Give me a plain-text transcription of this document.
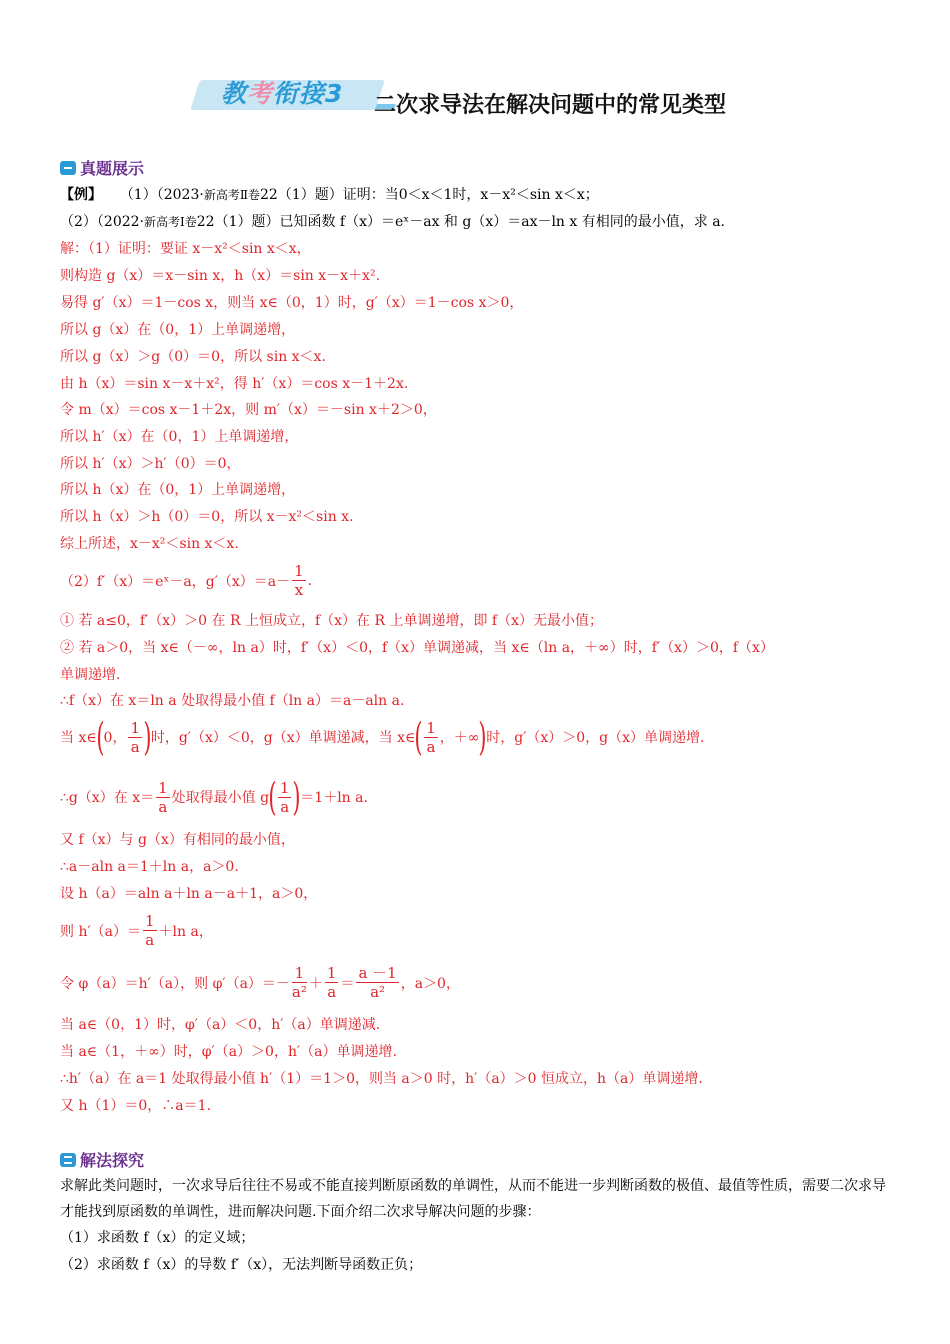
教考衔接3 二次求导法在解决问题中的常见类型
真题展示
【例】 （1）（2023·新高考Ⅱ卷22（1）题）证明：当0＜x＜1时，x－x²＜sin x＜x；
（2）（2022·新高考Ⅰ卷22（1）题）已知函数 f（x）＝eˣ－ax 和 g（x）＝ax－ln x 有相同的最小值，求 a.
解：（1）证明：要证 x－x²＜sin x＜x，
则构造 g（x）＝x－sin x，h（x）＝sin x－x＋x².
易得 g′（x）＝1－cos x，则当 x∈（0，1）时，g′（x）＝1－cos x＞0，
所以 g（x）在（0，1）上单调递增，
所以 g（x）＞g（0）＝0，所以 sin x＜x.
由 h（x）＝sin x－x＋x²，得 h′（x）＝cos x－1＋2x.
令 m（x）＝cos x－1＋2x，则 m′（x）＝－sin x＋2＞0，
所以 h′（x）在（0，1）上单调递增，
所以 h′（x）＞h′（0）＝0，
所以 h（x）在（0，1）上单调递增，
所以 h（x）＞h（0）＝0，所以 x－x²＜sin x.
综上所述，x－x²＜sin x＜x.
（2）f′（x）＝eˣ－a，$g'(x)=a- \frac{1}{x}$ .
① 若 a≤0，f′（x）＞0 在 R 上恒成立，f（x）在 R 上单调递增，即 f（x）无最小值；
② 若 a＞0，当 x∈（－∞，ln a）时，f′（x）＜0，f（x）单调递减，当 x∈（ln a，＋∞）时，f′（x）＞0，f（x）
单调递增.
∴f（x）在 x＝ln a 处取得最小值 f（ln a）＝a－aln a.
当 x∈ ( 0， $\frac{1}{a}$ ) 时，g′（x）＜0，g（x）单调递减，当 x∈ ( $\frac{1}{a}$ ，＋∞ ) 时，g′（x）＞0，g（x）单调递增.
∴g（x）在 $x= \frac{1}{a}$ 处取得最小值 g ( $\frac{1}{a}$ ) ＝1＋ln a.
又 f（x）与 g（x）有相同的最小值，
∴a－aln a＝1＋ln a，a＞0.
设 h（a）＝aln a＋ln a－a＋1，a＞0，
则 $h'(a)= \frac{1}{a} +\ln$ a，
令 φ（a）＝h′（a），则 $\varphi'(a)=- \frac{1}{\text{a²}} + \frac{1}{a} = \frac{a -1}{\text{a²}}$ ，a＞0，
当 a∈（0，1）时，φ′（a）＜0，h′（a）单调递减.
当 a∈（1，＋∞）时，φ′（a）＞0，h′（a）单调递增.
∴h′（a）在 a＝1 处取得最小值 h′（1）＝1＞0，则当 a＞0 时，h′（a）＞0 恒成立，h（a）单调递增.
又 h（1）＝0，∴a＝1.
解法探究
求解此类问题时，一次求导后往往不易或不能直接判断原函数的单调性，从而不能进一步判断函数的极值、最值等性质，需要二次求导才能找到原函数的单调性，进而解决问题.下面介绍二次求导解决问题的步骤：
（1）求函数 f（x）的定义域；
（2）求函数 f（x）的导数 f′（x），无法判断导函数正负；
